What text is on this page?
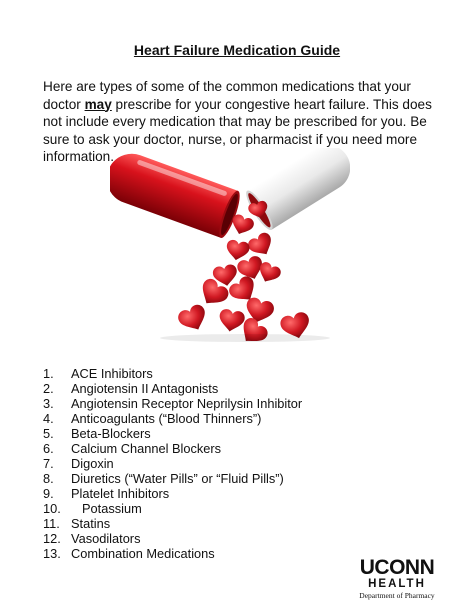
Heart Failure Medication Guide

Here are types of some of the common medications that your doctor may prescribe for your congestive heart failure. This does not include every medication that may be prescribed for you. Be sure to ask your doctor, nurse, or pharmacist if you need more information.

1.	ACE Inhibitors
2.	Angiotensin II Antagonists
3.	Angiotensin Receptor Neprilysin Inhibitor
4.	Anticoagulants (“Blood Thinners”)
5.	Beta-Blockers
6.	Calcium Channel Blockers
7.	Digoxin
8.	Diuretics (“Water Pills” or “Fluid Pills”)
9.	Platelet Inhibitors
10.	Potassium
11. Statins
12. Vasodilators
13. Combination Medications
UCONN
HEALTH
Department of Pharmacy
